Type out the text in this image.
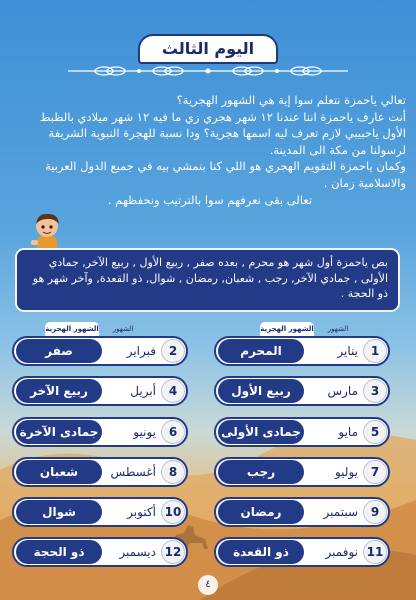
اليوم الثالث

تعالي ياحمزة نتعلم سوا إية هي الشهور الهجرية؟

أنت عارف ياحمزة اننا عندنا ١٢ شهر هجري زي ما فيه ١٢ شهر ميلادي بالظبط

الأول ياحبيبي لازم تعرف ليه اسمها هجرية؟ ودا نسبة للهجرة النبوية الشريفة لرسولنا من مكة الى المدينة.

وكمان ياحمزة التقويم الهجري هو اللي كنا بنمشي بيه في جميع الدول العربية والاسلامية زمان .

تعالى بقى نعرفهم سوا بالترتيب ونحفظهم .

بص ياحمزة أول شهر هو محرم , بعده صفر , ربيع الأول , ربيع الآخر, جمادي الأولى , جمادي الآخر, رجب , شعبان, رمضان , شوال, ذو القعدة, وآخر شهر هو ذو الحجة .

الشهور الهجرية	الشهور
الشهور الهجرية	الشهور
المحرم	يناير	1
صفر	فبراير	2
ربيع الأول	مارس	3
ربيع الآخر	أبريل	4
جمادى الأولى	مايو	5
جمادى الآخرة	يونيو	6
رجب	يوليو	7
شعبان	أغسطس	8
رمضان	سبتمبر	9
شوال	أكتوبر 10
ذو القعدة	نوفمبر 11
ذو الحجة	ديسمبر 12
٤
